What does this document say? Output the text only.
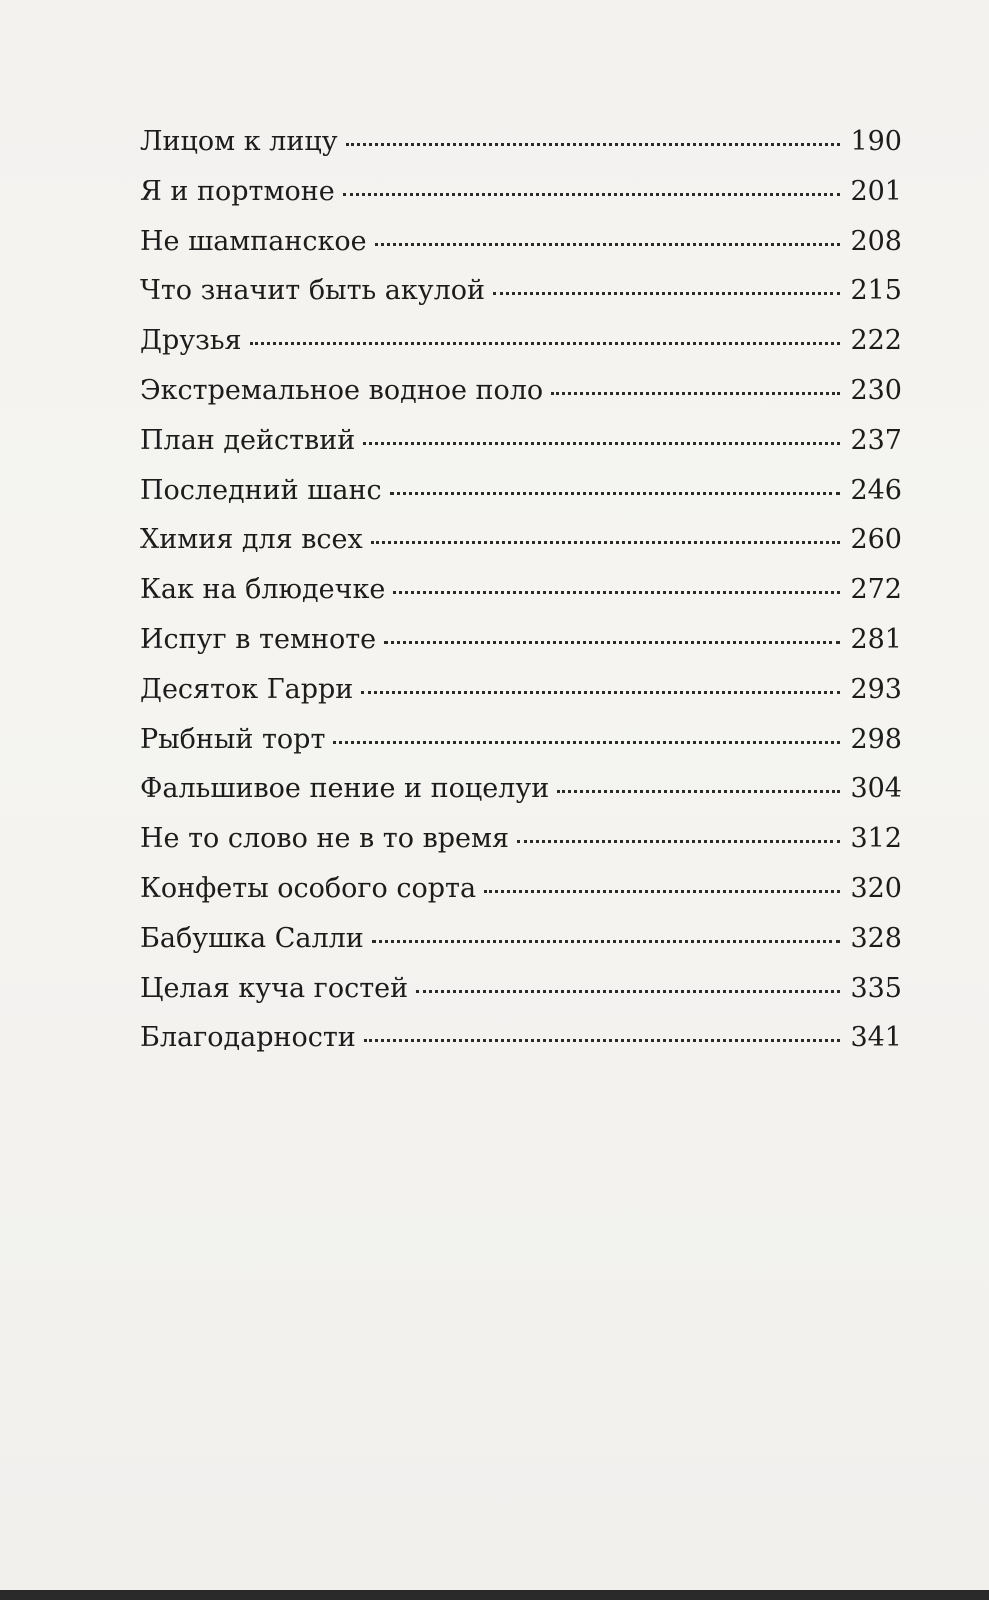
Лицом к лицу	190
Я и портмоне	201
Не шампанское	208
Что значит быть акулой	215
Друзья	222
Экстремальное водное поло	230
План действий	237
Последний шанс	246
Химия для всех	260
Как на блюдечке	272
Испуг в темноте	281
Десяток Гарри	293
Рыбный торт	298
Фальшивое пение и поцелуи	304
Не то слово не в то время	312
Конфеты особого сорта	320
Бабушка Салли	328
Целая куча гостей	335
Благодарности	341
